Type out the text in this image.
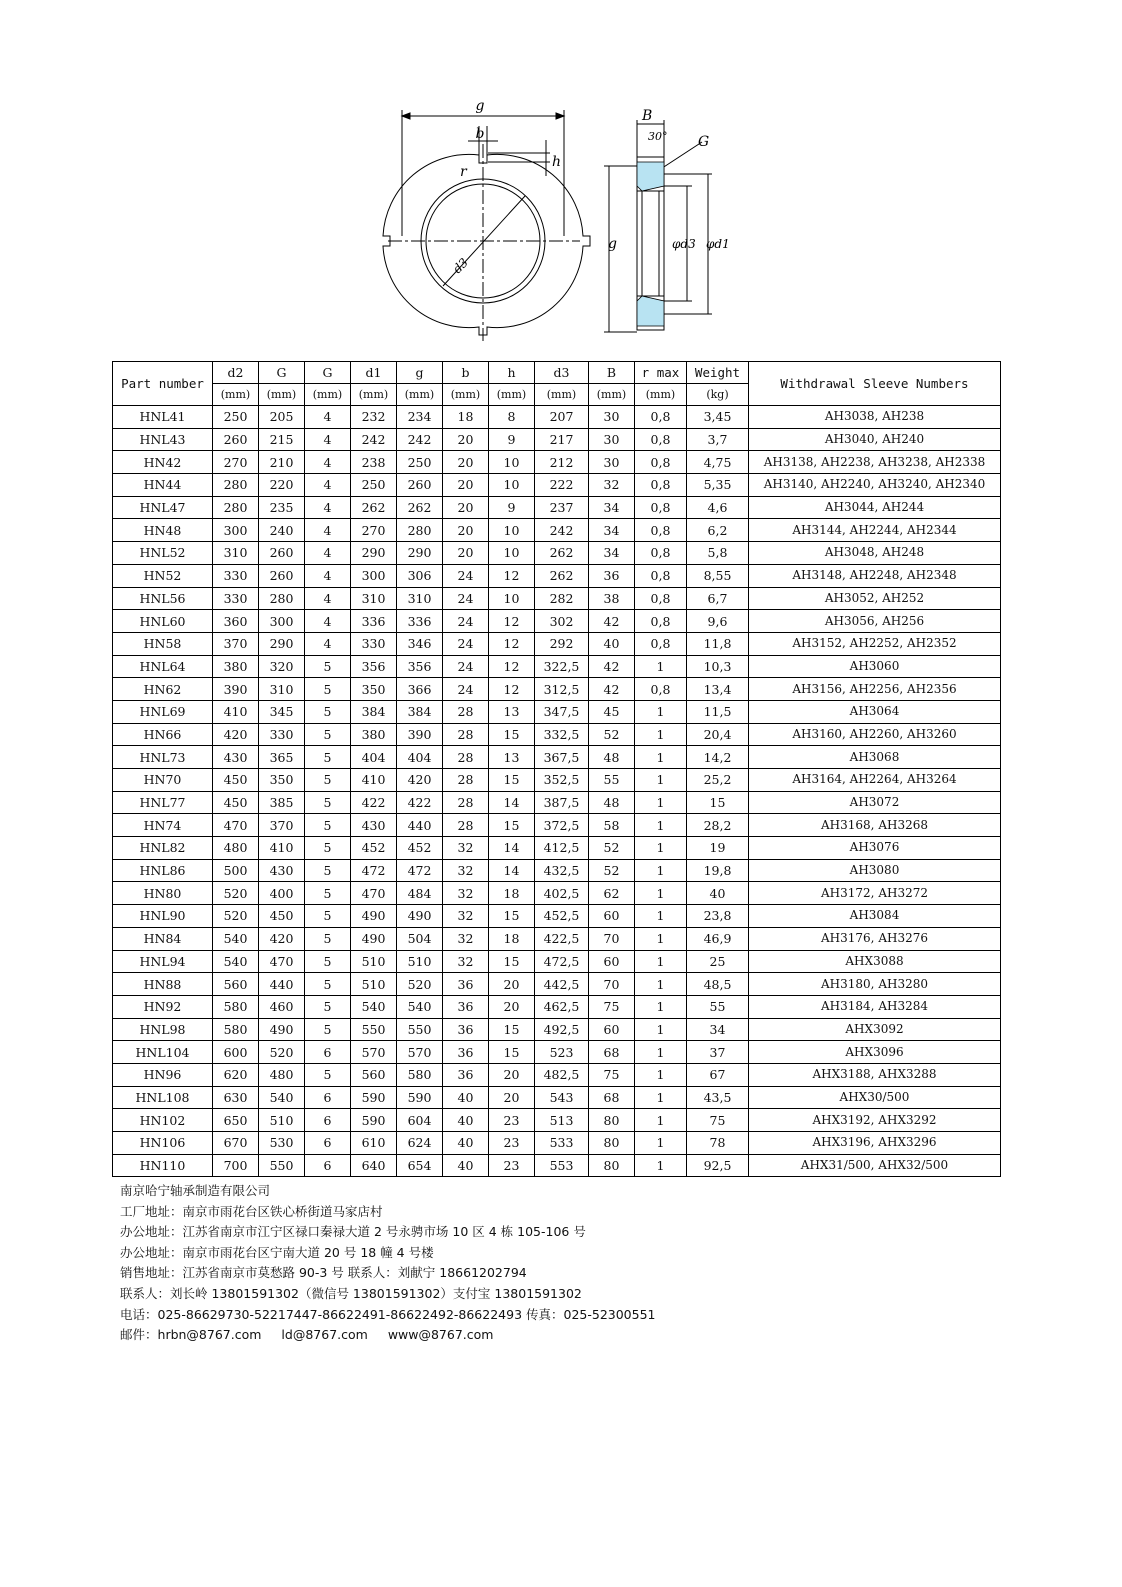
g
b
h
r
d3
B
30° G
g	φd3 φd1
Part number	d2	G	G	d1	g	b	h	d3	B	r max	Weight	Withdrawal Sleeve Numbers
	(mm)	(mm)	(mm)	(mm)	(mm)	(mm)	(mm)	(mm)	(mm)	(mm)	(kg)	
HNL41	250	205	4	232	234	18	8	207	30	0,8	3,45	AH3038, AH238
HNL43	260	215	4	242	242	20	9	217	30	0,8	3,7	AH3040, AH240
HN42	270	210	4	238	250	20	10	212	30	0,8	4,75	AH3138, AH2238, AH3238, AH2338
HN44	280	220	4	250	260	20	10	222	32	0,8	5,35	AH3140, AH2240, AH3240, AH2340
HNL47	280	235	4	262	262	20	9	237	34	0,8	4,6	AH3044, AH244
HN48	300	240	4	270	280	20	10	242	34	0,8	6,2	AH3144, AH2244, AH2344
HNL52	310	260	4	290	290	20	10	262	34	0,8	5,8	AH3048, AH248
HN52	330	260	4	300	306	24	12	262	36	0,8	8,55	AH3148, AH2248, AH2348
HNL56	330	280	4	310	310	24	10	282	38	0,8	6,7	AH3052, AH252
HNL60	360	300	4	336	336	24	12	302	42	0,8	9,6	AH3056, AH256
HN58	370	290	4	330	346	24	12	292	40	0,8	11,8	AH3152, AH2252, AH2352
HNL64	380	320	5	356	356	24	12	322,5	42	1	10,3	AH3060
HN62	390	310	5	350	366	24	12	312,5	42	0,8	13,4	AH3156, AH2256, AH2356
HNL69	410	345	5	384	384	28	13	347,5	45	1	11,5	AH3064
HN66	420	330	5	380	390	28	15	332,5	52	1	20,4	AH3160, AH2260, AH3260
HNL73	430	365	5	404	404	28	13	367,5	48	1	14,2	AH3068
HN70	450	350	5	410	420	28	15	352,5	55	1	25,2	AH3164, AH2264, AH3264
HNL77	450	385	5	422	422	28	14	387,5	48	1	15	AH3072
HN74	470	370	5	430	440	28	15	372,5	58	1	28,2	AH3168, AH3268
HNL82	480	410	5	452	452	32	14	412,5	52	1	19	AH3076
HNL86	500	430	5	472	472	32	14	432,5	52	1	19,8	AH3080
HN80	520	400	5	470	484	32	18	402,5	62	1	40	AH3172, AH3272
HNL90	520	450	5	490	490	32	15	452,5	60	1	23,8	AH3084
HN84	540	420	5	490	504	32	18	422,5	70	1	46,9	AH3176, AH3276
HNL94	540	470	5	510	510	32	15	472,5	60	1	25	AHX3088
HN88	560	440	5	510	520	36	20	442,5	70	1	48,5	AH3180, AH3280
HN92	580	460	5	540	540	36	20	462,5	75	1	55	AH3184, AH3284
HNL98	580	490	5	550	550	36	15	492,5	60	1	34	AHX3092
HNL104	600	520	6	570	570	36	15	523	68	1	37	AHX3096
HN96	620	480	5	560	580	36	20	482,5	75	1	67	AHX3188, AHX3288
HNL108	630	540	6	590	590	40	20	543	68	1	43,5	AHX30/500
HN102	650	510	6	590	604	40	23	513	80	1	75	AHX3192, AHX3292
HN106	670	530	6	610	624	40	23	533	80	1	78	AHX3196, AHX3296
HN110	700	550	6	640	654	40	23	553	80	1	92,5	AHX31/500, AHX32/500
南京哈宁轴承制造有限公司
工厂地址：南京市雨花台区铁心桥街道马家店村
办公地址：江苏省南京市江宁区禄口秦禄大道 2 号永骋市场 10 区 4 栋 105-106 号
办公地址：南京市雨花台区宁南大道 20 号 18 幢 4 号楼
销售地址：江苏省南京市莫愁路 90-3 号 联系人：刘献宁 18661202794
联系人：刘长岭 13801591302（微信号 13801591302）支付宝 13801591302
电话：025-86629730-52217447-86622491-86622492-86622493 传真：025-52300551
邮件：hrbn@8767.com ld@8767.com www@8767.com
